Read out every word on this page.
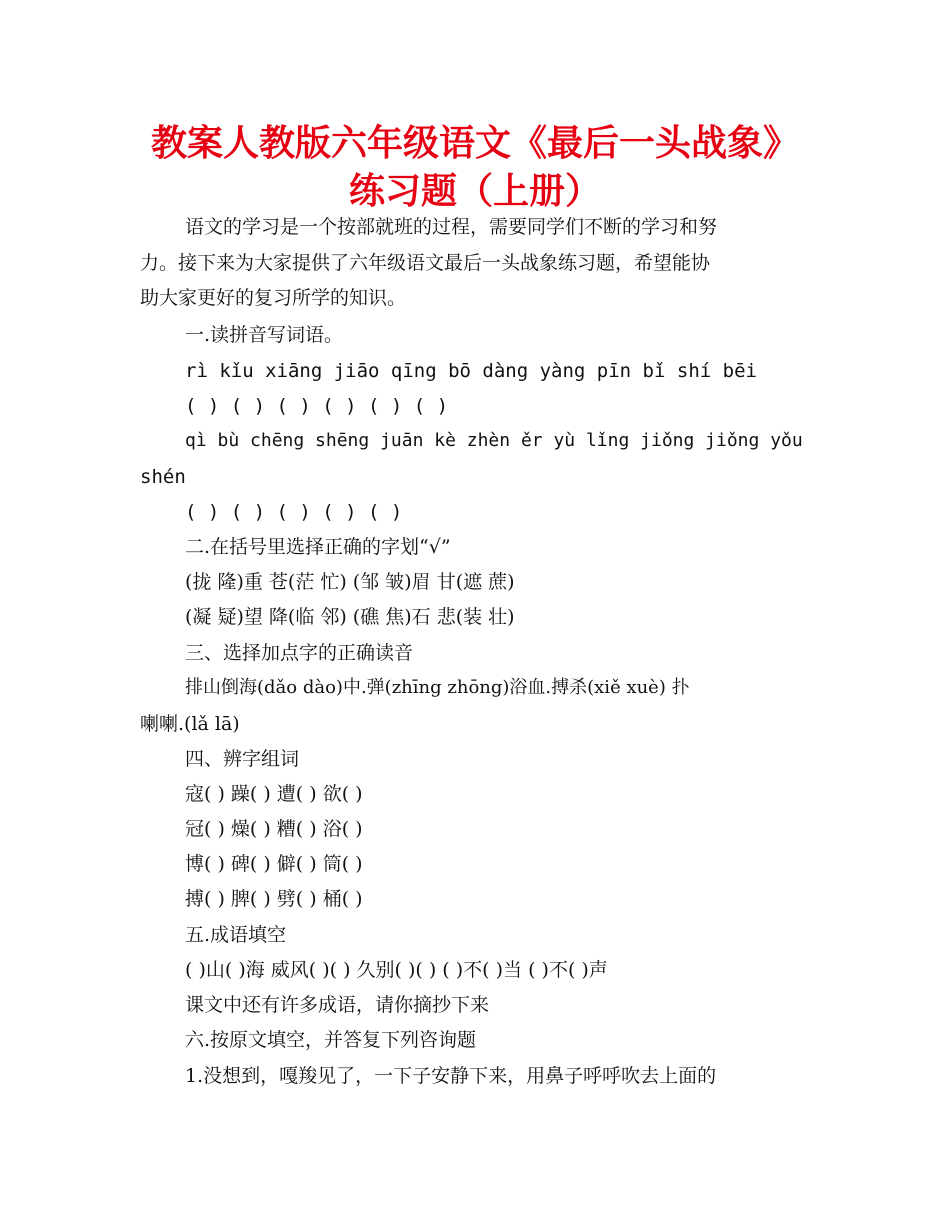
教案人教版六年级语文《最后一头战象》
练习题（上册）
语文的学习是一个按部就班的过程，需要同学们不断的学习和努
力。接下来为大家提供了六年级语文最后一头战象练习题，希望能协
助大家更好的复习所学的知识。
一.读拼音写词语。
rì kǐu xiāng jiāo qīng bō dàng yàng pīn bǐ shí bēi
( ) ( ) ( ) ( ) ( ) ( )
qì bù chēng shēng juān kè zhèn ěr yù lǐng jiǒng jiǒng yǒu
shén
( ) ( ) ( ) ( ) ( )
二.在括号里选择正确的字划“√”
(拢 隆)重 苍(茫 忙) (邹 皱)眉 甘(遮 蔗)
(凝 疑)望 降(临 邻) (礁 焦)石 悲(装 壮)
三、选择加点字的正确读音
排山倒海(dǎo dào)中.弹(zhīng zhōng)浴血.搏杀(xiě xuè) 扑
喇喇.(lǎ lā)
四、辨字组词
寇( ) 躁( ) 遭( ) 欲( )
冠( ) 燥( ) 糟( ) 浴( )
博( ) 碑( ) 僻( ) 筒( )
搏( ) 脾( ) 劈( ) 桶( )
五.成语填空
( )山( )海 威风( )( ) 久别( )( ) ( )不( )当 ( )不( )声
课文中还有许多成语，请你摘抄下来
六.按原文填空，并答复下列咨询题
1.没想到，嘎羧见了，一下子安静下来，用鼻子呼呼吹去上面的
